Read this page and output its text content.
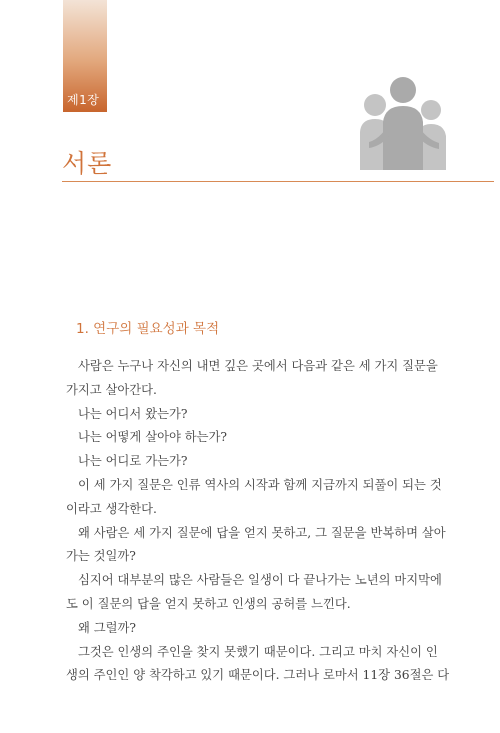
제1장
서론
1. 연구의 필요성과 목적
사람은 누구나 자신의 내면 깊은 곳에서 다음과 같은 세 가지 질문을
가지고 살아간다.
나는 어디서 왔는가?
나는 어떻게 살아야 하는가?
나는 어디로 가는가?
이 세 가지 질문은 인류 역사의 시작과 함께 지금까지 되풀이 되는 것
이라고 생각한다.
왜 사람은 세 가지 질문에 답을 얻지 못하고, 그 질문을 반복하며 살아
가는 것일까?
심지어 대부분의 많은 사람들은 일생이 다 끝나가는 노년의 마지막에
도 이 질문의 답을 얻지 못하고 인생의 공허를 느낀다.
왜 그럴까?
그것은 인생의 주인을 찾지 못했기 때문이다. 그리고 마치 자신이 인
생의 주인인 양 착각하고 있기 때문이다. 그러나 로마서 11장 36절은 다
